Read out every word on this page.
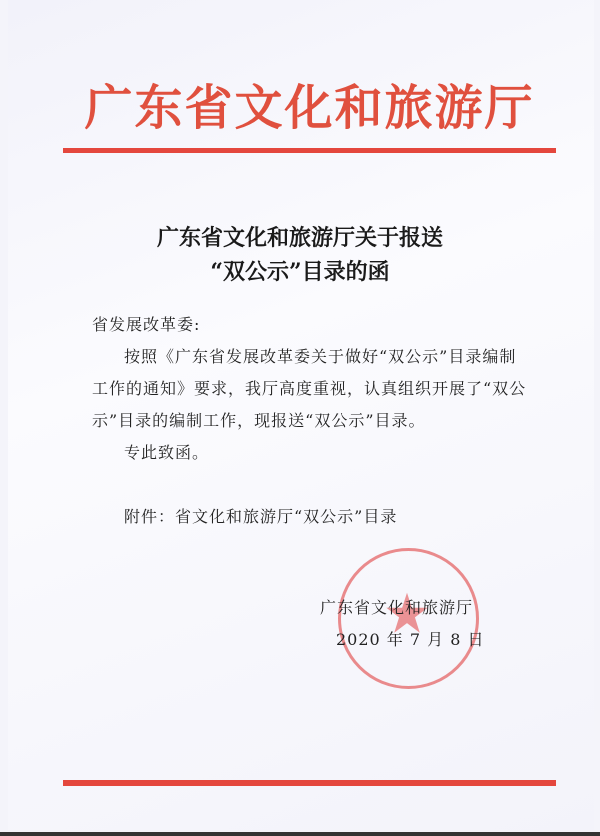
广东省文化和旅游厅
广东省文化和旅游厅关于报送
“双公示”目录的函
省发展改革委:
按照《广东省发展改革委关于做好“双公示”目录编制
工作的通知》要求，我厅高度重视，认真组织开展了“双公
示”目录的编制工作，现报送“双公示”目录。
专此致函。
附件：省文化和旅游厅“双公示”目录
广东省文化和旅游厅
2020 年 7 月 8 日
